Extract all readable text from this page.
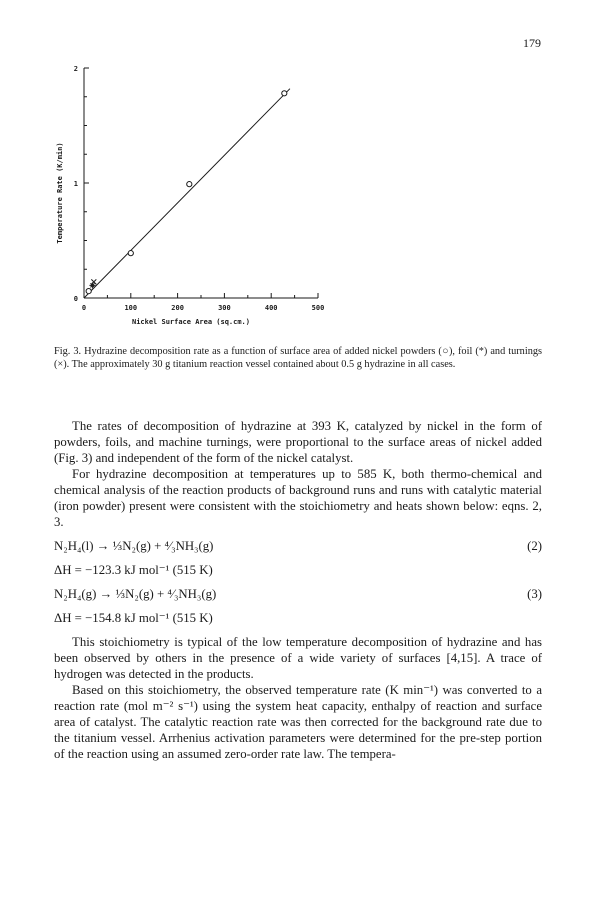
179
0	100	200	300	400	500
0
1
2
Nickel Surface Area (sq.cm.)
Temperature Rate (K/min)
Fig. 3. Hydrazine decomposition rate as a function of surface area of added nickel powders (○), foil (*) and turnings (×). The approximately 30 g titanium reaction vessel contained about 0.5 g hydrazine in all cases.

The rates of decomposition of hydrazine at 393 K, catalyzed by nickel in the form of powders, foils, and machine turnings, were proportional to the surface areas of nickel added (Fig. 3) and independent of the form of the nickel catalyst.

For hydrazine decomposition at temperatures up to 585 K, both thermo-chemical and chemical analysis of the reaction products of background runs and runs with catalytic material (iron powder) present were consistent with the stoichiometry and heats shown below: eqns. 2, 3.

N₂H₄(l) → ⅓N₂(g) + ⁴⁄₃NH₃(g)	(2)
ΔH = −123.3 kJ mol⁻¹ (515 K)
N₂H₄(g) → ⅓N₂(g) + ⁴⁄₃NH₃(g)	(3)
ΔH = −154.8 kJ mol⁻¹ (515 K)

This stoichiometry is typical of the low temperature decomposition of hydrazine and has been observed by others in the presence of a wide variety of surfaces [4,15]. A trace of hydrogen was detected in the products.

Based on this stoichiometry, the observed temperature rate (K min⁻¹) was converted to a reaction rate (mol m⁻² s⁻¹) using the system heat capacity, enthalpy of reaction and surface area of catalyst. The catalytic reaction rate was then corrected for the background rate due to the titanium vessel. Arrhenius activation parameters were determined for the pre-step portion of the reaction using an assumed zero-order rate law. The tempera-
